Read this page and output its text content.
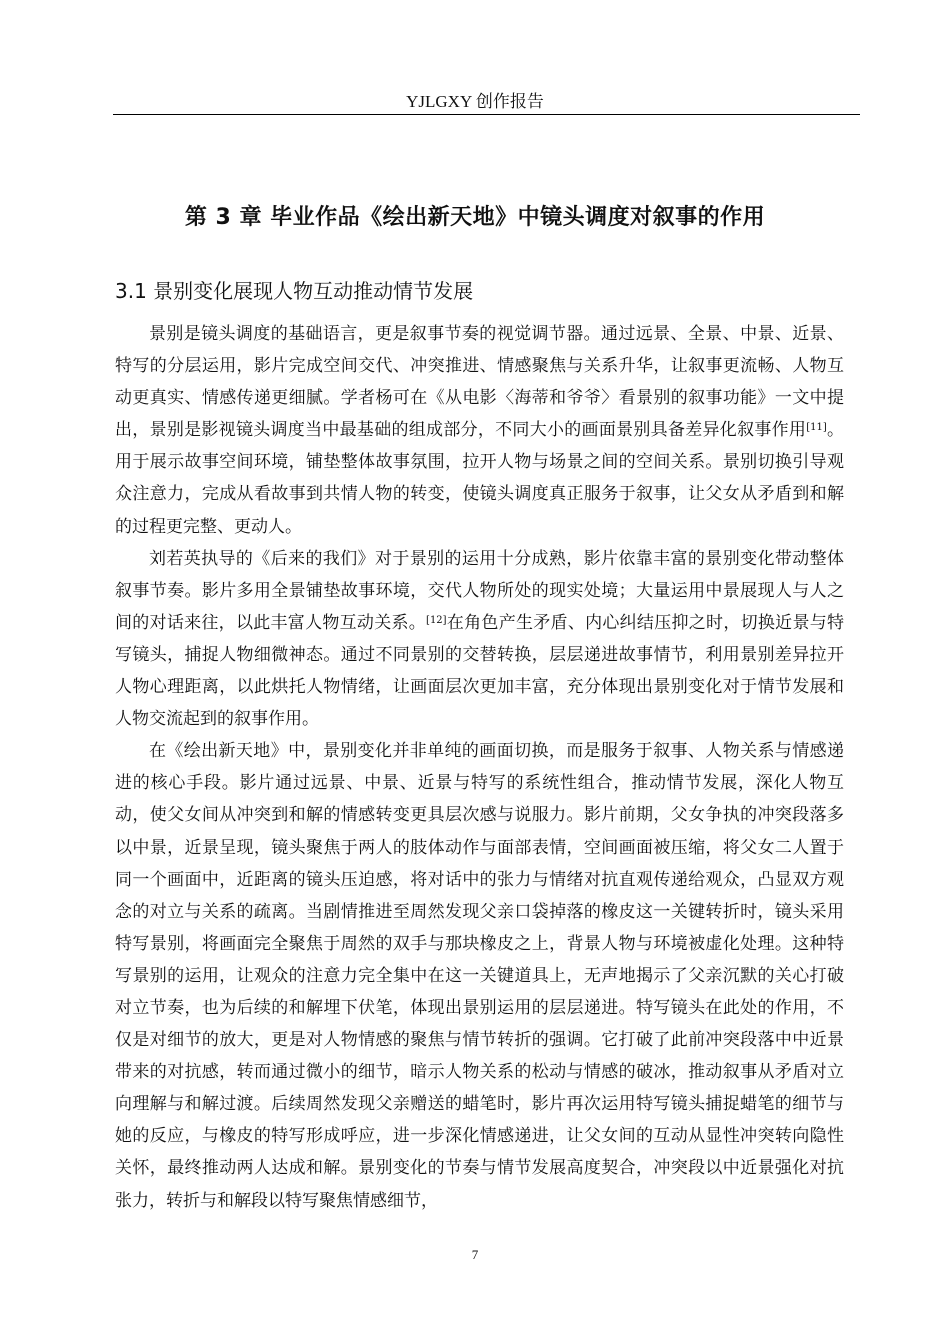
YJLGXY 创作报告
第 3 章 毕业作品《绘出新天地》中镜头调度对叙事的作用
3.1 景别变化展现人物互动推动情节发展

景别是镜头调度的基础语言，更是叙事节奏的视觉调节器。通过远景、全景、中景、近景、特写的分层运用，影片完成空间交代、冲突推进、情感聚焦与关系升华，让叙事更流畅、人物互动更真实、情感传递更细腻。学者杨可在《从电影〈海蒂和爷爷〉看景别的叙事功能》一文中提出，景别是影视镜头调度当中最基础的组成部分，不同大小的画面景别具备差异化叙事作用[11]。用于展示故事空间环境，铺垫整体故事氛围，拉开人物与场景之间的空间关系。景别切换引导观众注意力，完成从看故事到共情人物的转变，使镜头调度真正服务于叙事，让父女从矛盾到和解的过程更完整、更动人。

刘若英执导的《后来的我们》对于景别的运用十分成熟，影片依靠丰富的景别变化带动整体叙事节奏。影片多用全景铺垫故事环境，交代人物所处的现实处境；大量运用中景展现人与人之间的对话来往，以此丰富人物互动关系。[12]在角色产生矛盾、内心纠结压抑之时，切换近景与特写镜头，捕捉人物细微神态。通过不同景别的交替转换，层层递进故事情节，利用景别差异拉开人物心理距离，以此烘托人物情绪，让画面层次更加丰富，充分体现出景别变化对于情节发展和人物交流起到的叙事作用。

在《绘出新天地》中，景别变化并非单纯的画面切换，而是服务于叙事、人物关系与情感递进的核心手段。影片通过远景、中景、近景与特写的系统性组合，推动情节发展，深化人物互动，使父女间从冲突到和解的情感转变更具层次感与说服力。影片前期，父女争执的冲突段落多以中景，近景呈现，镜头聚焦于两人的肢体动作与面部表情，空间画面被压缩，将父女二人置于同一个画面中，近距离的镜头压迫感，将对话中的张力与情绪对抗直观传递给观众，凸显双方观念的对立与关系的疏离。当剧情推进至周然发现父亲口袋掉落的橡皮这一关键转折时，镜头采用特写景别，将画面完全聚焦于周然的双手与那块橡皮之上，背景人物与环境被虚化处理。这种特写景别的运用，让观众的注意力完全集中在这一关键道具上，无声地揭示了父亲沉默的关心打破对立节奏，也为后续的和解埋下伏笔，体现出景别运用的层层递进。特写镜头在此处的作用，不仅是对细节的放大，更是对人物情感的聚焦与情节转折的强调。它打破了此前冲突段落中中近景带来的对抗感，转而通过微小的细节，暗示人物关系的松动与情感的破冰，推动叙事从矛盾对立向理解与和解过渡。后续周然发现父亲赠送的蜡笔时，影片再次运用特写镜头捕捉蜡笔的细节与她的反应，与橡皮的特写形成呼应，进一步深化情感递进，让父女间的互动从显性冲突转向隐性关怀，最终推动两人达成和解。景别变化的节奏与情节发展高度契合，冲突段以中近景强化对抗张力，转折与和解段以特写聚焦情感细节，

7
